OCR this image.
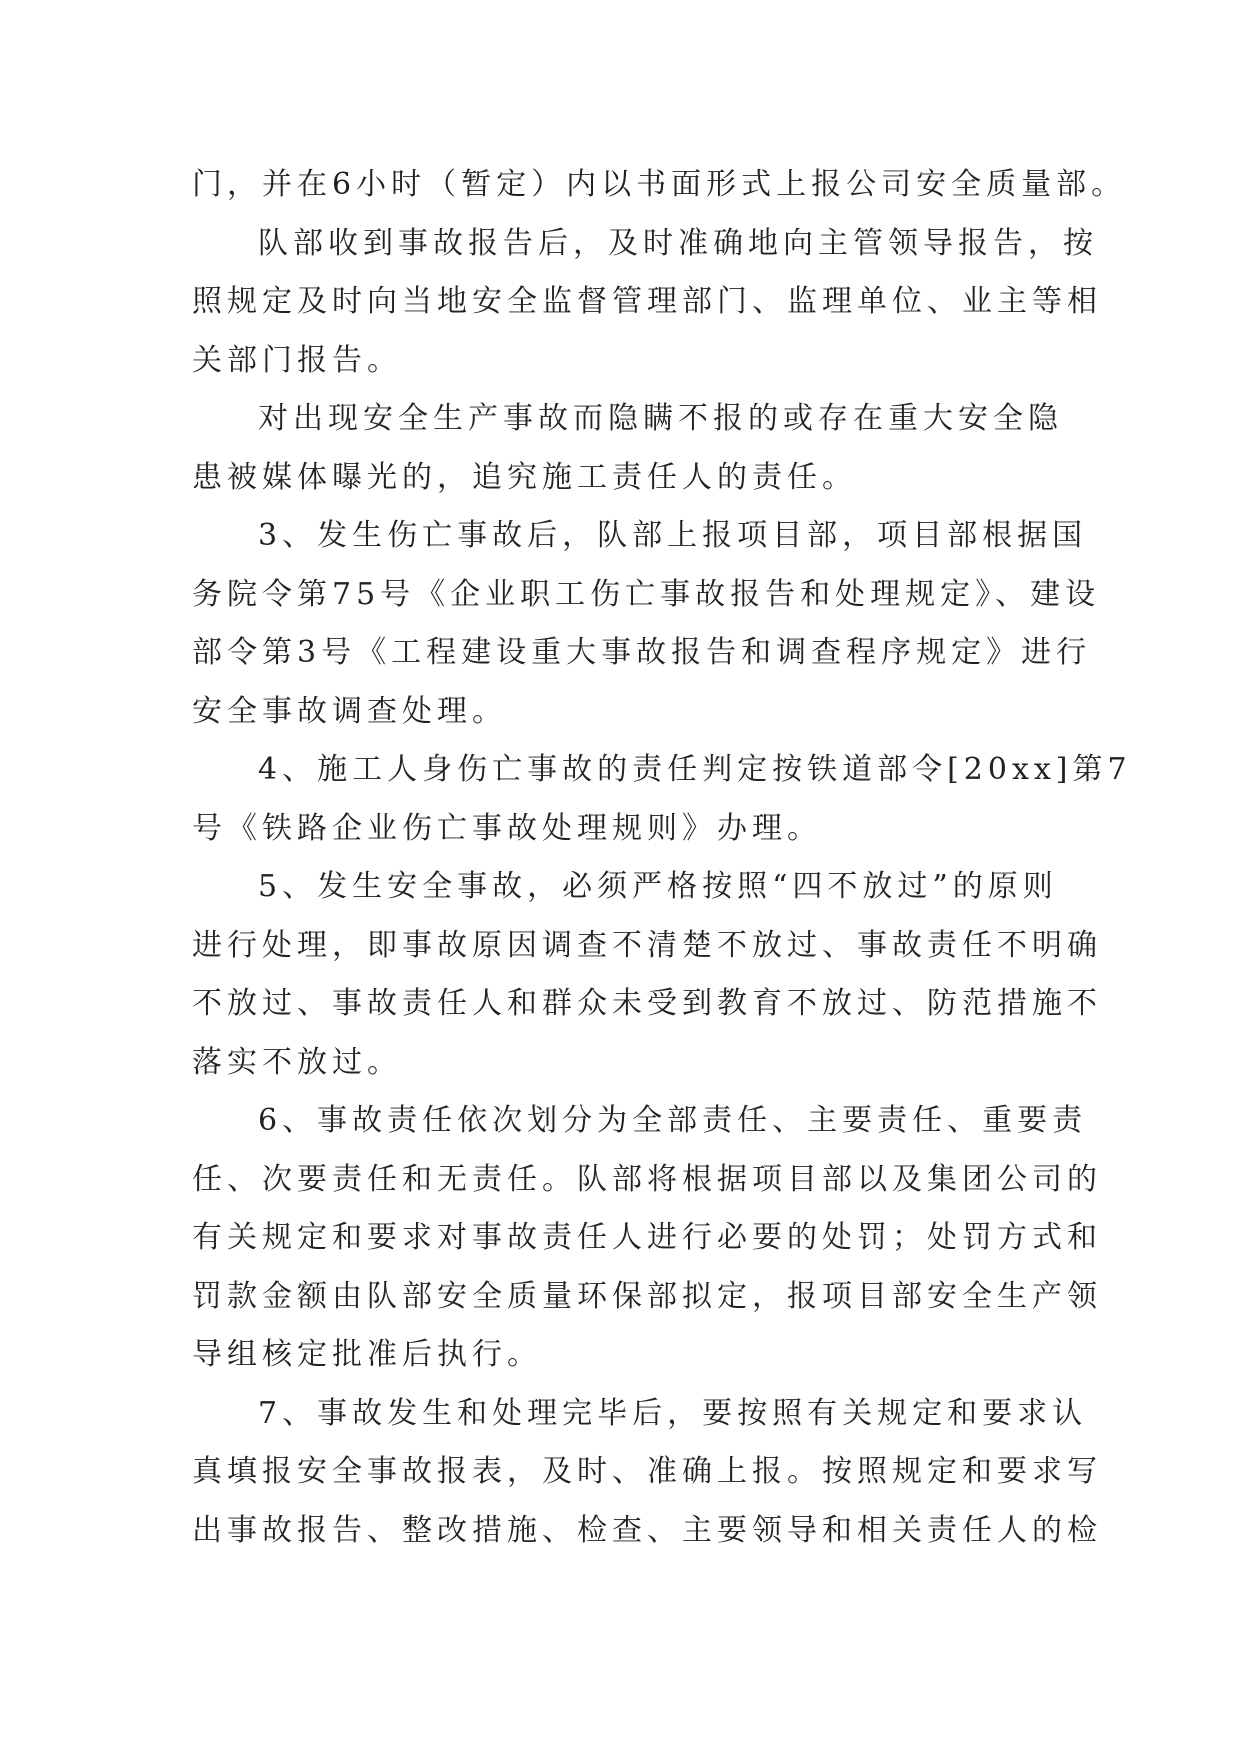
门，并在6小时（暂定）内以书面形式上报公司安全质量部。
队部收到事故报告后，及时准确地向主管领导报告，按
照规定及时向当地安全监督管理部门、监理单位、业主等相
关部门报告。
对出现安全生产事故而隐瞒不报的或存在重大安全隐
患被媒体曝光的，追究施工责任人的责任。
3、发生伤亡事故后，队部上报项目部，项目部根据国
务院令第75号《企业职工伤亡事故报告和处理规定》、建设
部令第3号《工程建设重大事故报告和调查程序规定》进行
安全事故调查处理。
4、施工人身伤亡事故的责任判定按铁道部令[20xx]第7
号《铁路企业伤亡事故处理规则》办理。
5、发生安全事故，必须严格按照“四不放过”的原则
进行处理，即事故原因调查不清楚不放过、事故责任不明确
不放过、事故责任人和群众未受到教育不放过、防范措施不
落实不放过。
6、事故责任依次划分为全部责任、主要责任、重要责
任、次要责任和无责任。队部将根据项目部以及集团公司的
有关规定和要求对事故责任人进行必要的处罚；处罚方式和
罚款金额由队部安全质量环保部拟定，报项目部安全生产领
导组核定批准后执行。
7、事故发生和处理完毕后，要按照有关规定和要求认
真填报安全事故报表，及时、准确上报。按照规定和要求写
出事故报告、整改措施、检查、主要领导和相关责任人的检
